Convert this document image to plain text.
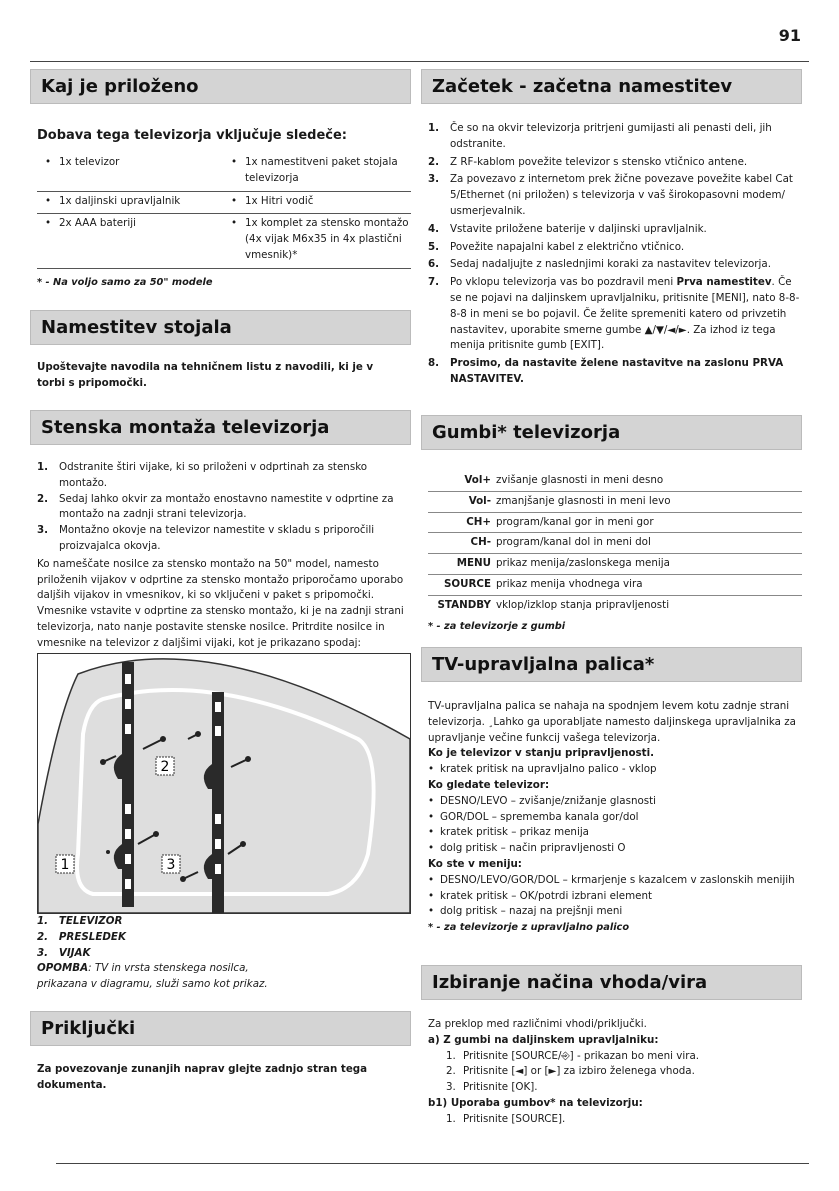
91
Kaj je priloženo
Dobava tega televizorja vključuje sledeče:
• 1x televizor	• 1x namestitveni paket stojala televizorja

• 1x daljinski upravljalnik	• 1x Hitri vodič

• 2x AAA bateriji	• 1x komplet za stensko montažo (4x vijak M6x35 in 4x plastični vmesnik)*
* - Na voljo samo za 50" modele
Namestitev stojala
Upoštevajte navodila na tehničnem listu z navodili, ki je v torbi s pripomočki.
Stenska montaža televizorja
1.	Odstranite štiri vijake, ki so priloženi v odprtinah za stensko montažo.
2.	Sedaj lahko okvir za montažo enostavno namestite v odprtine za montažo na zadnji strani televizorja.
3.	Montažno okovje na televizor namestite v skladu s priporočili proizvajalca okovja.
Ko nameščate nosilce za stensko montažo na 50" model, namesto priloženih vijakov v odprtine za stensko montažo priporočamo uporabo daljših vijakov in vmesnikov, ki so vključeni v paket s pripomočki. Vmesnike vstavite v odprtine za stensko montažo, ki je na zadnji strani televizorja, nato nanje postavite stenske nosilce. Pritrdite nosilce in vmesnike na televizor z daljšimi vijaki, kot je prikazano spodaj:
2
1	3
1.   TELEVIZOR
2.   PRESLEDEK
3.   VIJAK
OPOMBA: TV in vrsta stenskega nosilca, prikazana v diagramu, služi samo kot prikaz.
Priključki
Za povezovanje zunanjih naprav glejte zadnjo stran tega dokumenta.
Začetek - začetna namestitev
1.	Če so na okvir televizorja pritrjeni gumijasti ali penasti deli, jih odstranite.
2.	Z RF-kablom povežite televizor s stensko vtičnico antene.
3.	Za povezavo z internetom prek žične povezave povežite kabel Cat 5/Ethernet (ni priložen) s televizorja v vaš širokopasovni modem/ usmerjevalnik.
4.	Vstavite priložene baterije v daljinski upravljalnik.
5.	Povežite napajalni kabel z električno vtičnico.
6.	Sedaj nadaljujte z naslednjimi koraki za nastavitev televizorja.
7.	Po vklopu televizorja vas bo pozdravil meni Prva namestitev. Če se ne pojavi na daljinskem upravljalniku, pritisnite [MENI], nato 8-8-8-8 in meni se bo pojavil. Če želite spremeniti katero od privzetih nastavitev, uporabite smerne gumbe ▲/▼/◄/►. Za izhod iz tega menija pritisnite gumb [EXIT].
8.	Prosimo, da nastavite želene nastavitve na zaslonu PRVA NASTAVITEV.
Gumbi* televizorja
Vol+	zvišanje glasnosti in meni desno
Vol-	zmanjšanje glasnosti in meni levo
CH+	program/kanal gor in meni gor
CH-	program/kanal dol in meni dol
MENU	prikaz menija/zaslonskega menija
SOURCE	prikaz menija vhodnega vira
STANDBY	vklop/izklop stanja pripravljenosti
* - za televizorje z gumbi
TV-upravljalna palica*
TV-upravljalna palica se nahaja na spodnjem levem kotu zadnje strani televizorja. ¸Lahko ga uporabljate namesto daljinskega upravljalnika za upravljanje večine funkcij vašega televizorja.
Ko je televizor v stanju pripravljenosti.
• kratek pritisk na upravljalno palico - vklop
Ko gledate televizor:
• DESNO/LEVO – zvišanje/znižanje glasnosti
• GOR/DOL – sprememba kanala gor/dol
• kratek pritisk – prikaz menija
• dolg pritisk – način pripravljenosti O
Ko ste v meniju:
• DESNO/LEVO/GOR/DOL – krmarjenje s kazalcem v zaslonskih menijih
• kratek pritisk – OK/potrdi izbrani element
• dolg pritisk – nazaj na prejšnji meni
* - za televizorje z upravljalno palico
Izbiranje načina vhoda/vira
Za preklop med različnimi vhodi/priključki.
a) Z gumbi na daljinskem upravljalniku:
1. Pritisnite [SOURCE/⎆] - prikazan bo meni vira.
2. Pritisnite [◄] or [►] za izbiro želenega vhoda.
3. Pritisnite [OK].
b1) Uporaba gumbov* na televizorju:
1. Pritisnite [SOURCE].
